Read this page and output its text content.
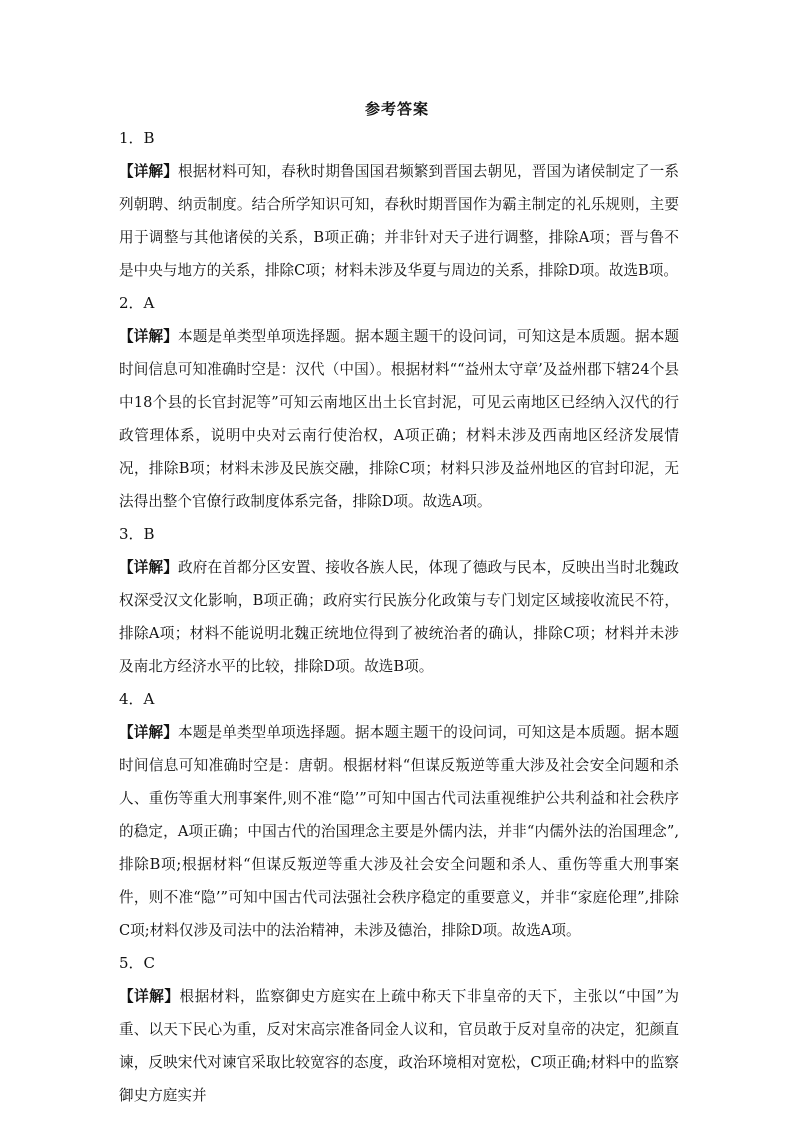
参考答案
1．B
【详解】根据材料可知，春秋时期鲁国国君频繁到晋国去朝见，晋国为诸侯制定了一系列朝聘、纳贡制度。结合所学知识可知，春秋时期晋国作为霸主制定的礼乐规则，主要用于调整与其他诸侯的关系，B项正确；并非针对天子进行调整，排除A项；晋与鲁不是中央与地方的关系，排除C项；材料未涉及华夏与周边的关系，排除D项。故选B项。
2．A
【详解】本题是单类型单项选择题。据本题主题干的设问词，可知这是本质题。据本题时间信息可知准确时空是：汉代（中国）。根据材料““益州太守章’及益州郡下辖24个县中18个县的长官封泥等”可知云南地区出土长官封泥，可见云南地区已经纳入汉代的行政管理体系，说明中央对云南行使治权，A项正确；材料未涉及西南地区经济发展情况，排除B项；材料未涉及民族交融，排除C项；材料只涉及益州地区的官封印泥，无法得出整个官僚行政制度体系完备，排除D项。故选A项。
3．B
【详解】政府在首都分区安置、接收各族人民，体现了德政与民本，反映出当时北魏政权深受汉文化影响，B项正确；政府实行民族分化政策与专门划定区域接收流民不符，排除A项；材料不能说明北魏正统地位得到了被统治者的确认，排除C项；材料并未涉及南北方经济水平的比较，排除D项。故选B项。
4．A
【详解】本题是单类型单项选择题。据本题主题干的设问词，可知这是本质题。据本题时间信息可知准确时空是：唐朝。根据材料“但谋反叛逆等重大涉及社会安全问题和杀人、重伤等重大刑事案件,则不准“隐’”可知中国古代司法重视维护公共利益和社会秩序的稳定，A项正确；中国古代的治国理念主要是外儒内法，并非“内儒外法的治国理念”,排除B项;根据材料“但谋反叛逆等重大涉及社会安全问题和杀人、重伤等重大刑事案件，则不准“隐’”可知中国古代司法强社会秩序稳定的重要意义，并非“家庭伦理”,排除C项;材料仅涉及司法中的法治精神，未涉及德治，排除D项。故选A项。
5．C
【详解】根据材料，监察御史方庭实在上疏中称天下非皇帝的天下，主张以“中国”为重、以天下民心为重，反对宋高宗准备同金人议和，官员敢于反对皇帝的决定，犯颜直谏，反映宋代对谏官采取比较宽容的态度，政治环境相对宽松，C项正确;材料中的监察御史方庭实并
